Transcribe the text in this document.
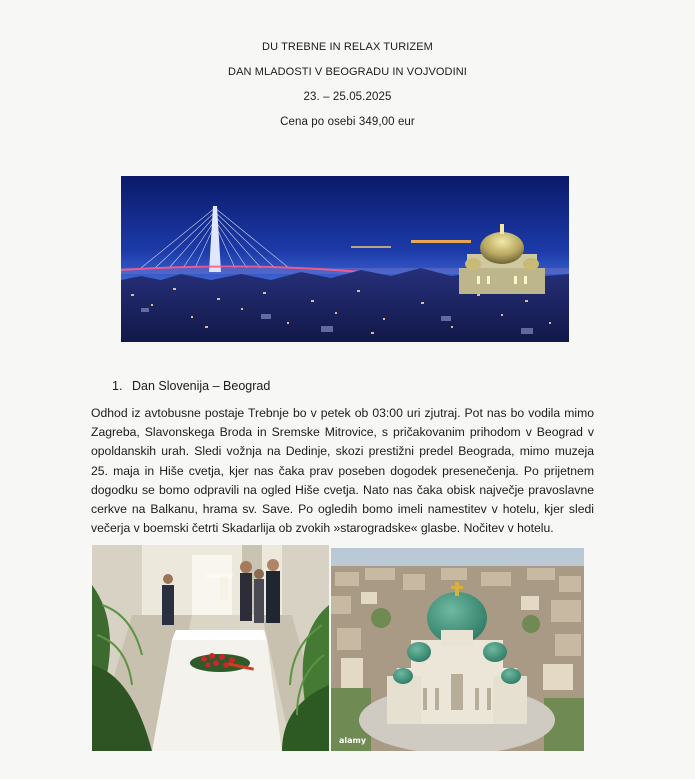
DU TREBNE IN RELAX TURIZEM
DAN MLADOSTI V BEOGRADU IN VOJVODINI
23. – 25.05.2025
Cena po osebi 349,00 eur
1. Dan Slovenija – Beograd
Odhod iz avtobusne postaje Trebnje bo v petek ob 03:00 uri zjutraj. Pot nas bo vodila mimo Zagreba, Slavonskega Broda in Sremske Mitrovice, s pričakovanim prihodom v Beograd v opoldanskih urah. Sledi vožnja na Dedinje, skozi prestižni predel Beograda, mimo muzeja 25. maja in Hiše cvetja, kjer nas čaka prav poseben dogodek presenečenja. Po prijetnem dogodku se bomo odpravili na ogled Hiše cvetja. Nato nas čaka obisk največje pravoslavne cerkve na Balkanu, hrama sv. Save. Po ogledih bomo imeli namestitev v hotelu, kjer sledi večerja v boemski četrti Skadarlija ob zvokih »starogradske« glasbe. Nočitev v hotelu.
alamy
alamy
